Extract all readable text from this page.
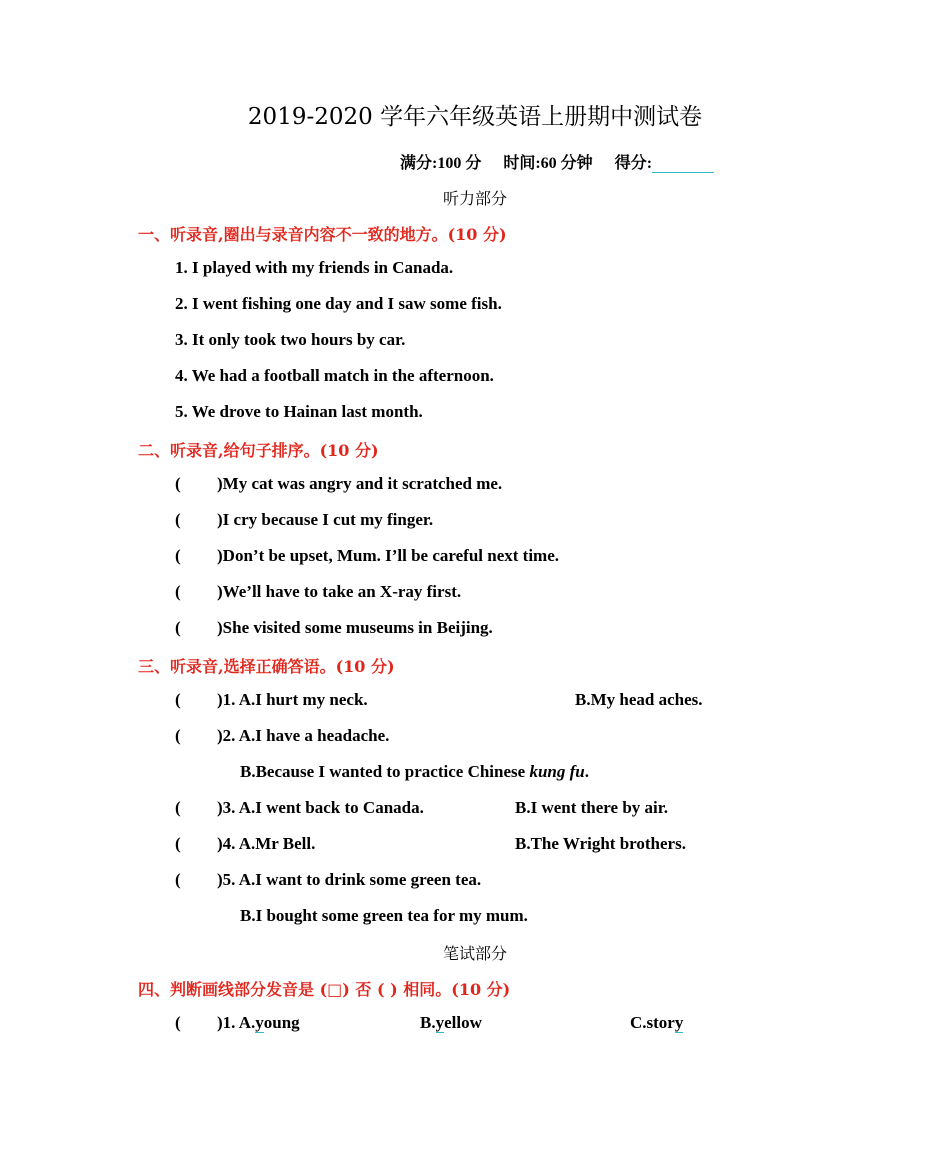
2019-2020 学年六年级英语上册期中测试卷
满分:100 分 时间:60 分钟 得分:
听力部分
一、听录音,圈出与录音内容不一致的地方。(10 分)
1. I played with my friends in Canada.
2. I went fishing one day and I saw some fish.
3. It only took two hours by car.
4. We had a football match in the afternoon.
5. We drove to Hainan last month.
二、听录音,给句子排序。(10 分)
( )My cat was angry and it scratched me.
( )I cry because I cut my finger.
( )Don’t be upset, Mum. I’ll be careful next time.
( )We’ll have to take an X-ray first.
( )She visited some museums in Beijing.
三、听录音,选择正确答语。(10 分)
( )1. A.I hurt my neck.	B.My head aches.
( )2. A.I have a headache.
B.Because I wanted to practice Chinese kung fu.
( )3. A.I went back to Canada.	B.I went there by air.
( )4. A.Mr Bell.	B.The Wright brothers.
( )5. A.I want to drink some green tea.
B.I bought some green tea for my mum.
笔试部分
四、判断画线部分发音是 (□) 否 ( ) 相同。(10 分)
( )1. A.young	B.yellow	C.story
